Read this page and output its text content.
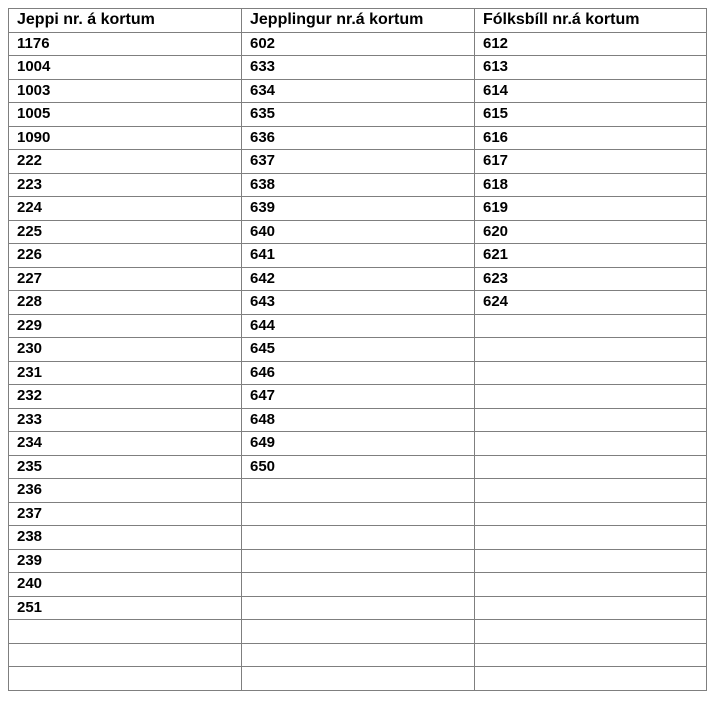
Jeppi nr. á kortum	Jepplingur nr.á kortum	Fólksbíll nr.á kortum
1176	602	612
1004	633	613
1003	634	614
1005	635	615
1090	636	616
222	637	617
223	638	618
224	639	619
225	640	620
226	641	621
227	642	623
228	643	624
229	644	
230	645	
231	646	
232	647	
233	648	
234	649	
235	650	
236		
237		
238		
239		
240		
251		
